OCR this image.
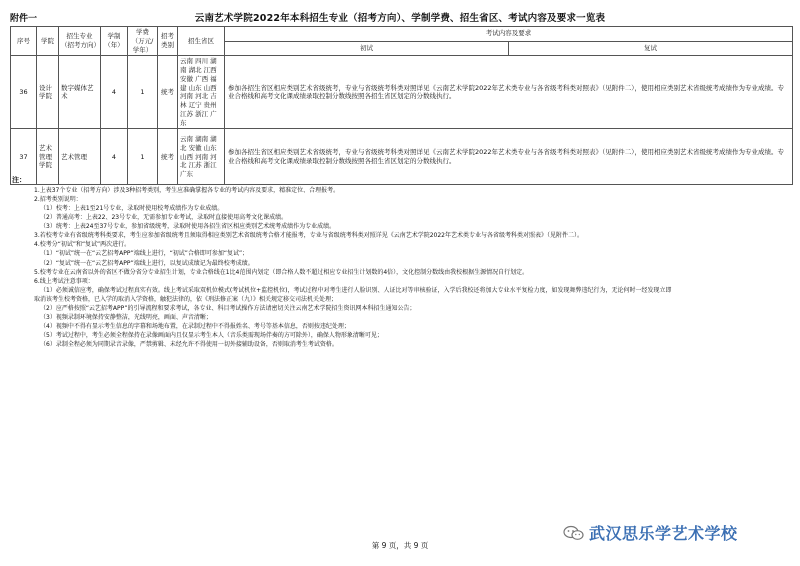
附件一	云南艺术学院2022年本科招生专业（招考方向）、学制学费、招生省区、考试内容及要求一览表
序号	学院	招生专业（招考方向）	学制（年）	学费（万元/学年）	招考类别	招生省区	考试内容及要求	
							初试	复试
36	设计学院	数字媒体艺术	4	1	统考	云南 四川 湖南 湖北 江西 安徽 广西 福建 山东 山西 河南 河北 吉林 辽宁 贵州 江苏 浙江 广东	参加各招生省区相应类别艺术省级统考，专业与省级统考科类对照详见《云南艺术学院2022年艺术类专业与各省级考科类对照表》（见附件二），使用相应类别艺术省级统考成绩作为专业成绩。专业合格线和高考文化课成绩录取控制分数线按照各招生省区划定的分数线执行。	
37	艺术管理学院	艺术管理	4	1	统考	云南 湖南 湖北 安徽 山东 山西 河南 河北 江苏 浙江 广东	参加各招生省区相应类别艺术省级统考，专业与省级统考科类对照详见《云南艺术学院2022年艺术类专业与各省级考科类对照表》（见附件二），使用相应类别艺术省级统考成绩作为专业成绩。专业合格线和高考文化课成绩录取控制分数线按照各招生省区划定的分数线执行。	
注：
1.上表37个专业（招考方向）涉及3种招考类别，考生应准确掌握各专业的考试内容及要求，精准定位、合理报考。
2.招考类别说明：
（1）校考：上表1至21号专业，录取时使用校考成绩作为专业成绩。
（2）普通高考：上表22、23号专业，无需参加专业考试，录取时直接使用高考文化课成绩。
（3）统考：上表24至37号专业，参加省级统考，录取时使用各招生省区相应类别艺术统考成绩作为专业成绩。
3.若校考专业有省级统考科类要求，考生应参加省级统考且须取得相应类别艺术省级统考合格才能报考，专业与省级统考科类对照详见《云南艺术学院2022年艺术类专业与各省级考科类对照表》（见附件二）。
4.校考分“初试”和“复试”两次进行。
（1）“初试”统一在“云艺招考APP”端线上进行，“初试”合格即可参加“复试”；
（2）“复试”统一在“云艺招考APP”端线上进行，以复试成绩记为最终校考成绩。
5.校考专业在云南省以外的省区不做分省分专业招生计划，专业合格线在1比4范围内划定（即合格人数不超过相应专业招生计划数的4倍），文化控制分数线由我校根据生源情况自行划定。
6.线上考试注意事项：
（1）必须诚信应考，确保考试过程真实有效。线上考试采取双机位模式(考试机位+监控机位)，考试过程中对考生进行人脸识别、人证比对等审核验证，入学后我校还将加大专业水平复检力度，如发现舞弊违纪行为，无论何时一经发现立即
取消该考生校考资格，已入学的取消入学资格，触犯法律的，依《刑法修正案（九）》相关规定移交司法机关处理；
（2）应严格按照“云艺招考APP”的引导流程和要求考试，各专业、科目考试操作方法请密切关注云南艺术学院招生资讯网本科招生通知公告；
（3）视频录制环境保持安静整洁，光线明亮，画面、声音清晰；
（4）视频中不得有显示考生信息的字幕和场地布置，在录制过程中不得报姓名、考号等基本信息，否则按违纪处理；
（5）考试过程中，考生必须全程保持在录像画面内且仅显示考生本人（音乐类需现场伴奏的方可除外），确保人物形象清晰可见；
（6）录制全程必须为同期录音录像，严禁剪辑、未经允许不得使用一切外接辅助设备，否则取消考生考试资格。
第 9 页，共 9 页
武汉思乐学艺术学校
